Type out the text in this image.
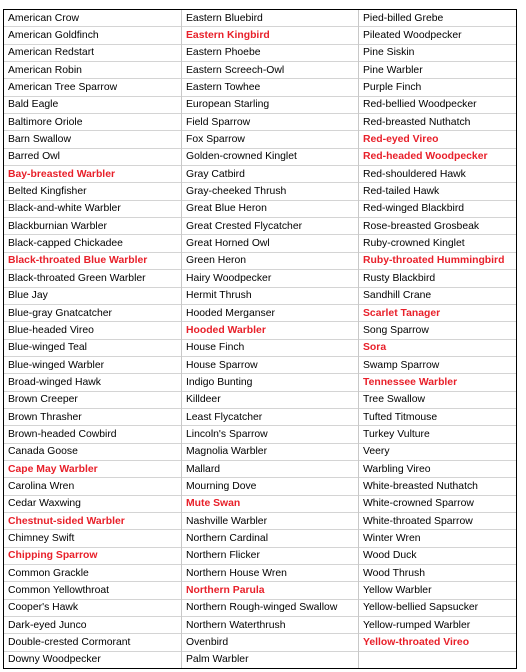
American Crow
American Goldfinch
American Redstart
American Robin
American Tree Sparrow
Bald Eagle
Baltimore Oriole
Barn Swallow
Barred Owl
Bay-breasted Warbler
Belted Kingfisher
Black-and-white Warbler
Blackburnian Warbler
Black-capped Chickadee
Black-throated Blue Warbler
Black-throated Green Warbler
Blue Jay
Blue-gray Gnatcatcher
Blue-headed Vireo
Blue-winged Teal
Blue-winged Warbler
Broad-winged Hawk
Brown Creeper
Brown Thrasher
Brown-headed Cowbird
Canada Goose
Cape May Warbler
Carolina Wren
Cedar Waxwing
Chestnut-sided Warbler
Chimney Swift
Chipping Sparrow
Common Grackle
Common Yellowthroat
Cooper's Hawk
Dark-eyed Junco
Double-crested Cormorant
Downy Woodpecker
Eastern Bluebird
Eastern Kingbird
Eastern Phoebe
Eastern Screech-Owl
Eastern Towhee
European Starling
Field Sparrow
Fox Sparrow
Golden-crowned Kinglet
Gray Catbird
Gray-cheeked Thrush
Great Blue Heron
Great Crested Flycatcher
Great Horned Owl
Green Heron
Hairy Woodpecker
Hermit Thrush
Hooded Merganser
Hooded Warbler
House Finch
House Sparrow
Indigo Bunting
Killdeer
Least Flycatcher
Lincoln's Sparrow
Magnolia Warbler
Mallard
Mourning Dove
Mute Swan
Nashville Warbler
Northern Cardinal
Northern Flicker
Northern House Wren
Northern Parula
Northern Rough-winged Swallow
Northern Waterthrush
Ovenbird
Palm Warbler
Pied-billed Grebe
Pileated Woodpecker
Pine Siskin
Pine Warbler
Purple Finch
Red-bellied Woodpecker
Red-breasted Nuthatch
Red-eyed Vireo
Red-headed Woodpecker
Red-shouldered Hawk
Red-tailed Hawk
Red-winged Blackbird
Rose-breasted Grosbeak
Ruby-crowned Kinglet
Ruby-throated Hummingbird
Rusty Blackbird
Sandhill Crane
Scarlet Tanager
Song Sparrow
Sora
Swamp Sparrow
Tennessee Warbler
Tree Swallow
Tufted Titmouse
Turkey Vulture
Veery
Warbling Vireo
White-breasted Nuthatch
White-crowned Sparrow
White-throated Sparrow
Winter Wren
Wood Duck
Wood Thrush
Yellow Warbler
Yellow-bellied Sapsucker
Yellow-rumped Warbler
Yellow-throated Vireo
